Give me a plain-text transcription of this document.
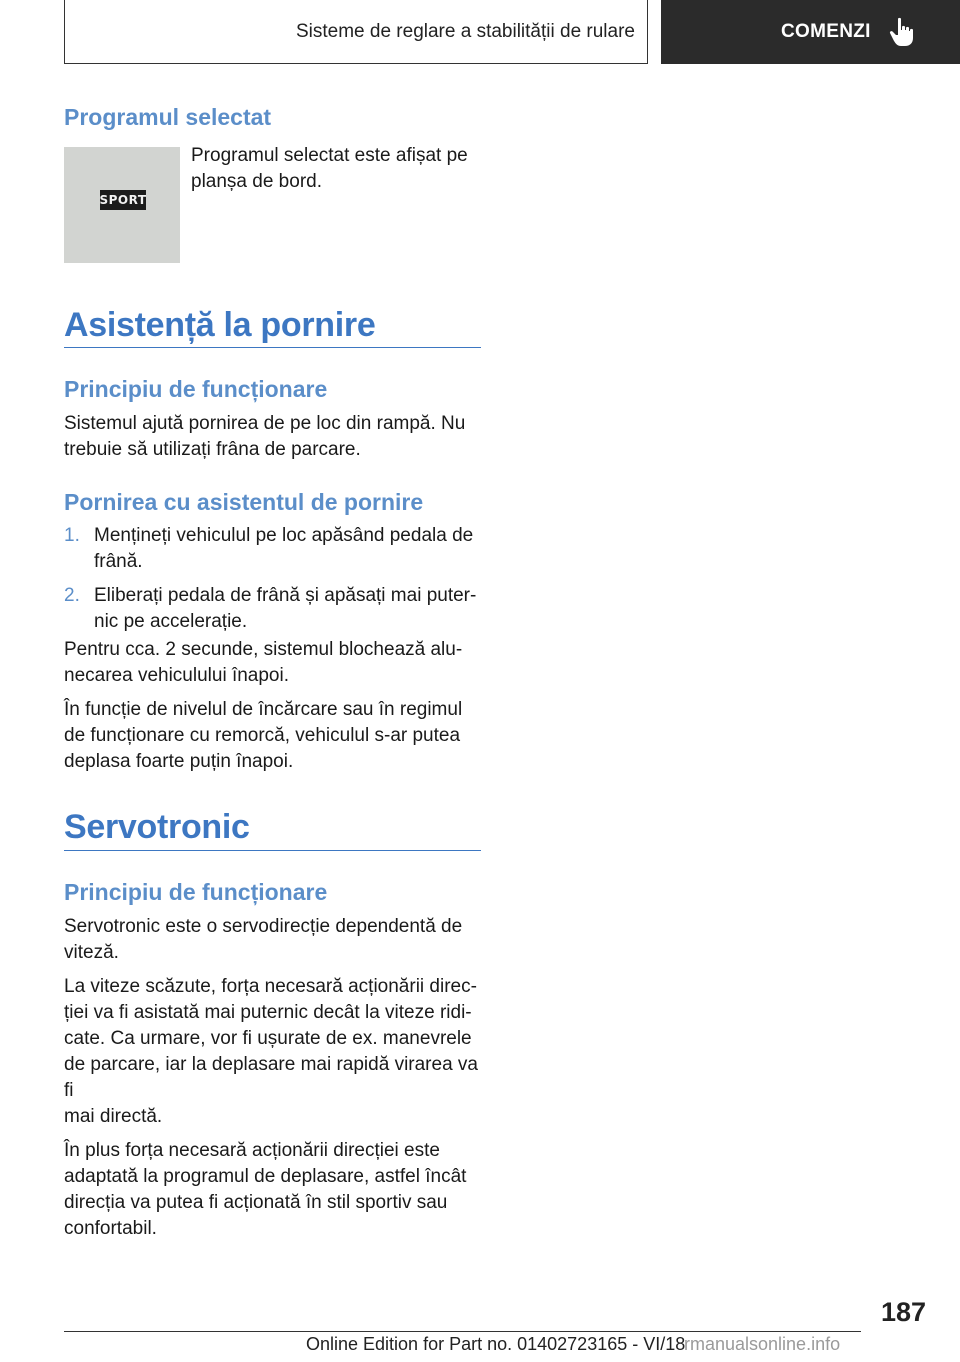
Sisteme de reglare a stabilității de rulare	COMENZI
Programul selectat
SPORT

Programul selectat este afișat pe

planșa de bord.

Asistență la pornire
Principiu de funcționare

Sistemul ajută pornirea de pe loc din rampă. Nu

trebuie să utilizați frâna de parcare.

Pornirea cu asistentul de pornire
1. Mențineți vehiculul pe loc apăsând pedala de
frână.
2. Eliberați pedala de frână și apăsați mai puter-
nic pe accelerație.

Pentru cca. 2 secunde, sistemul blochează alu-

necarea vehiculului înapoi.

În funcție de nivelul de încărcare sau în regimul

de funcționare cu remorcă, vehiculul s-ar putea

deplasa foarte puțin înapoi.

Servotronic
Principiu de funcționare

Servotronic este o servodirecție dependentă de

viteză.

La viteze scăzute, forța necesară acționării direc-

ției va fi asistată mai puternic decât la viteze ridi-

cate. Ca urmare, vor fi ușurate de ex. manevrele

de parcare, iar la deplasare mai rapidă virarea va fi

mai directă.

În plus forța necesară acționării direcției este

adaptată la programul de deplasare, astfel încât

direcția va putea fi acționată în stil sportiv sau

confortabil.

187
Online Edition for Part no. 01402723165 - VI/18
rmanualsonline.info
